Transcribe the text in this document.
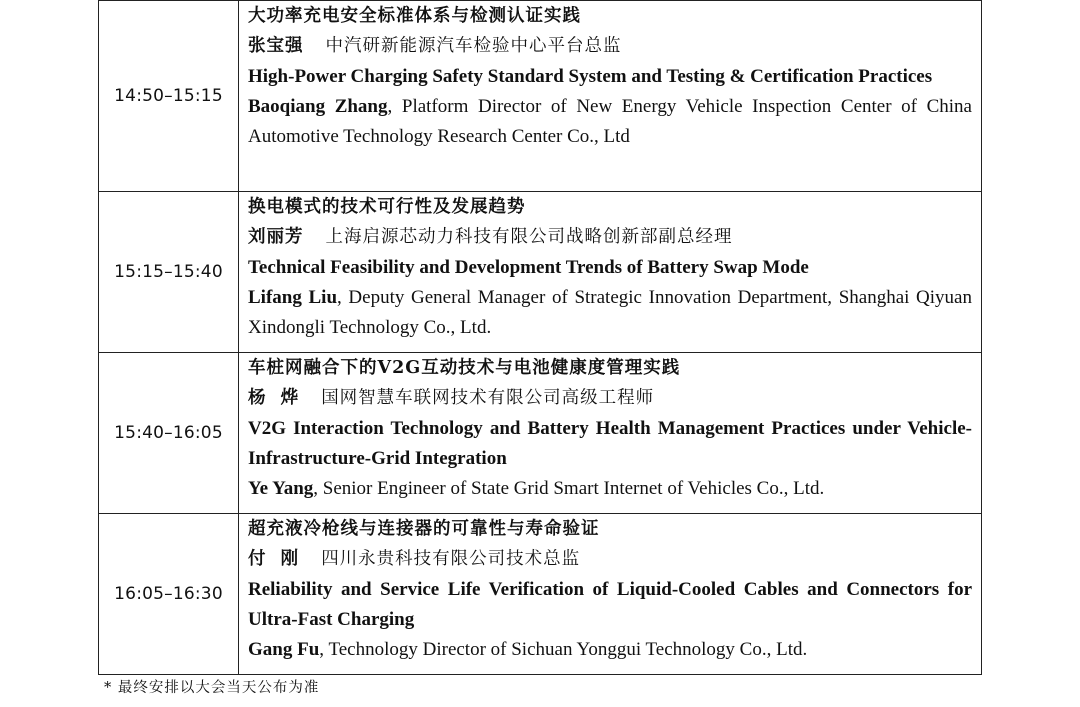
14:50–15:15	大功率充电安全标准体系与检测认证实践
张宝强 中汽研新能源汽车检验中心平台总监
High-Power Charging Safety Standard System and Testing & Certification Practices
Baoqiang Zhang, Platform Director of New Energy Vehicle Inspection Center of China Automotive Technology Research Center Co., Ltd

15:15–15:40	换电模式的技术可行性及发展趋势
刘丽芳 上海启源芯动力科技有限公司战略创新部副总经理
Technical Feasibility and Development Trends of Battery Swap Mode
Lifang Liu, Deputy General Manager of Strategic Innovation Department, Shanghai Qiyuan Xindongli Technology Co., Ltd.

15:40–16:05	车桩网融合下的V2G互动技术与电池健康度管理实践
杨  烨 国网智慧车联网技术有限公司高级工程师
V2G Interaction Technology and Battery Health Management Practices under Vehicle-Infrastructure-Grid Integration
Ye Yang, Senior Engineer of State Grid Smart Internet of Vehicles Co., Ltd.

16:05–16:30	超充液冷枪线与连接器的可靠性与寿命验证
付  刚 四川永贵科技有限公司技术总监
Reliability and Service Life Verification of Liquid-Cooled Cables and Connectors for Ultra-Fast Charging
Gang Fu, Technology Director of Sichuan Yonggui Technology Co., Ltd.
* 最终安排以大会当天公布为准
